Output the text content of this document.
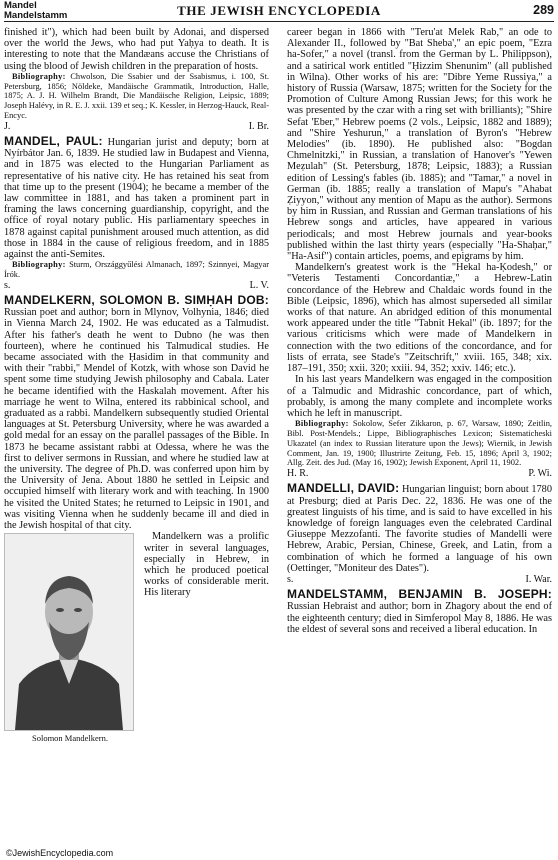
Mandel
Mandelstamm	THE JEWISH ENCYCLOPEDIA	289

finished it"), which had been built by Adonai, and dispersed over the world the Jews, who had put Yaḥya to death. It is interesting to note that the Mandæans accuse the Christians of using the blood of Jewish children in the preparation of hosts.

Bibliography: Chwolson, Die Ssabier und der Ssabismus, i. 100, St. Petersburg, 1856; Nöldeke, Mandäische Grammatik, Introduction, Halle, 1875; A. J. H. Wilhelm Brandt, Die Mandäische Religion, Leipsic, 1889; Joseph Halévy, in R. E. J. xxii. 139 et seq.; K. Kessler, in Herzog-Hauck, Real-Encyc.

J.	I. Br.

MANDEL, PAUL: Hungarian jurist and deputy; born at Nyírbátor Jan. 6, 1839. He studied law in Budapest and Vienna, and in 1875 was elected to the Hungarian Parliament as representative of his native city. He has retained his seat from that time up to the present (1904); he became a member of the law committee in 1881, and has taken a prominent part in framing the laws concerning guardianship, copyright, and the office of royal notary public. His parliamentary speeches in 1878 against capital punishment aroused much attention, as did those in 1884 in the cause of religious freedom, and in 1885 against the anti-Semites.

Bibliography: Sturm, Országgyűlési Almanach, 1897; Szinnyei, Magyar Írók.

s.	L. V.

MANDELKERN, SOLOMON B. SIMḤAH DOB: Russian poet and author; born in Mlynov, Volhynia, 1846; died in Vienna March 24, 1902. He was educated as a Talmudist. After his father's death he went to Dubno (he was then fourteen), where he continued his Talmudical studies. He became associated with the Ḥasidim in that community and with their "rabbi," Mendel of Kotzk, with whose son David he spent some time studying Jewish philosophy and Cabala. Later he became identified with the Haskalah movement. After his marriage he went to Wilna, entered its rabbinical school, and graduated as a rabbi. Mandelkern subsequently studied Oriental languages at St. Petersburg University, where he was awarded a gold medal for an essay on the parallel passages of the Bible. In 1873 he became assistant rabbi at Odessa, where he was the first to deliver sermons in Russian, and where he studied law at the university. The degree of Ph.D. was conferred upon him by the University of Jena. About 1880 he settled in Leipsic and occupied himself with literary work and with teaching. In 1900 he visited the United States; he returned to Leipsic in 1901, and was visiting Vienna when he suddenly became ill and died in the Jewish hospital of that city.

Solomon Mandelkern.

Mandelkern was a prolific writer in several languages, especially in Hebrew, in which he produced poetical works of considerable merit. His literary

career began in 1866 with "Teru'at Melek Rab," an ode to Alexander II., followed by "Bat Sheba'," an epic poem, "Ezra ha-Sofer," a novel (transl. from the German by L. Philippson), and a satirical work entitled "Ḥizzim Shenunim" (all published in Wilna). Other works of his are: "Dibre Yeme Russiya," a history of Russia (Warsaw, 1875; written for the Society for the Promotion of Culture Among Russian Jews; for this work he was presented by the czar with a ring set with brilliants); "Shire Sefat 'Eber," Hebrew poems (2 vols., Leipsic, 1882 and 1889); and "Shire Yeshurun," a translation of Byron's "Hebrew Melodies" (ib. 1890). He published also: "Bogdan Chmelnitzki," in Russian, a translation of Hanover's "Yewen Meẓulah" (St. Petersburg, 1878; Leipsic, 1883); a Russian edition of Lessing's fables (ib. 1885); and "Tamar," a novel in German (ib. 1885; really a translation of Mapu's "Ahabat Ẓiyyon," without any mention of Mapu as the author). Sermons by him in Russian, and Russian and German translations of his Hebrew songs and articles, have appeared in various periodicals; and most Hebrew journals and year-books published within the last thirty years (especially "Ha-Shaḥar," "Ha-Asif") contain articles, poems, and epigrams by him.

Mandelkern's greatest work is the "Hekal ha-Ḳodesh," or "Veteris Testamenti Concordantiæ," a Hebrew-Latin concordance of the Hebrew and Chaldaic words found in the Bible (Leipsic, 1896), which has almost superseded all similar works of that nature. An abridged edition of this monumental work appeared under the title "Tabnit Hekal" (ib. 1897; for the various criticisms which were made of Mandelkern in connection with the two editions of the concordance, and for lists of errata, see Stade's "Zeitschrift," xviii. 165, 348; xix. 187–191, 350; xxii. 320; xxiii. 94, 352; xxiv. 146; etc.).

In his last years Mandelkern was engaged in the composition of a Talmudic and Midrashic concordance, part of which, probably, is among the many complete and incomplete works which he left in manuscript.

Bibliography: Sokolow, Sefer Zikkaron, p. 67, Warsaw, 1890; Zeitlin, Bibl. Post-Mendels.; Lippe, Bibliographisches Lexicon; Sistematicheski Ukazatel (an index to Russian literature upon the Jews); Wiernik, in Jewish Comment, Jan. 19, 1900; Illustrirte Zeitung, Feb. 15, 1896; April 3, 1902; Allg. Zeit. des Jud. (May 16, 1902); Jewish Exponent, April 11, 1902.

H. R.	P. Wi.

MANDELLI, DAVID: Hungarian linguist; born about 1780 at Presburg; died at Paris Dec. 22, 1836. He was one of the greatest linguists of his time, and is said to have excelled in his knowledge of foreign languages even the celebrated Cardinal Giuseppe Mezzofanti. The favorite studies of Mandelli were Hebrew, Arabic, Persian, Chinese, Greek, and Latin, from a combination of which he formed a language of his own (Oettinger, "Moniteur des Dates").

s.	I. War.

MANDELSTAMM, BENJAMIN B. JOSEPH: Russian Hebraist and author; born in Zhagory about the end of the eighteenth century; died in Simferopol May 8, 1886. He was the eldest of several sons and received a liberal education. In

©JewishEncyclopedia.com
